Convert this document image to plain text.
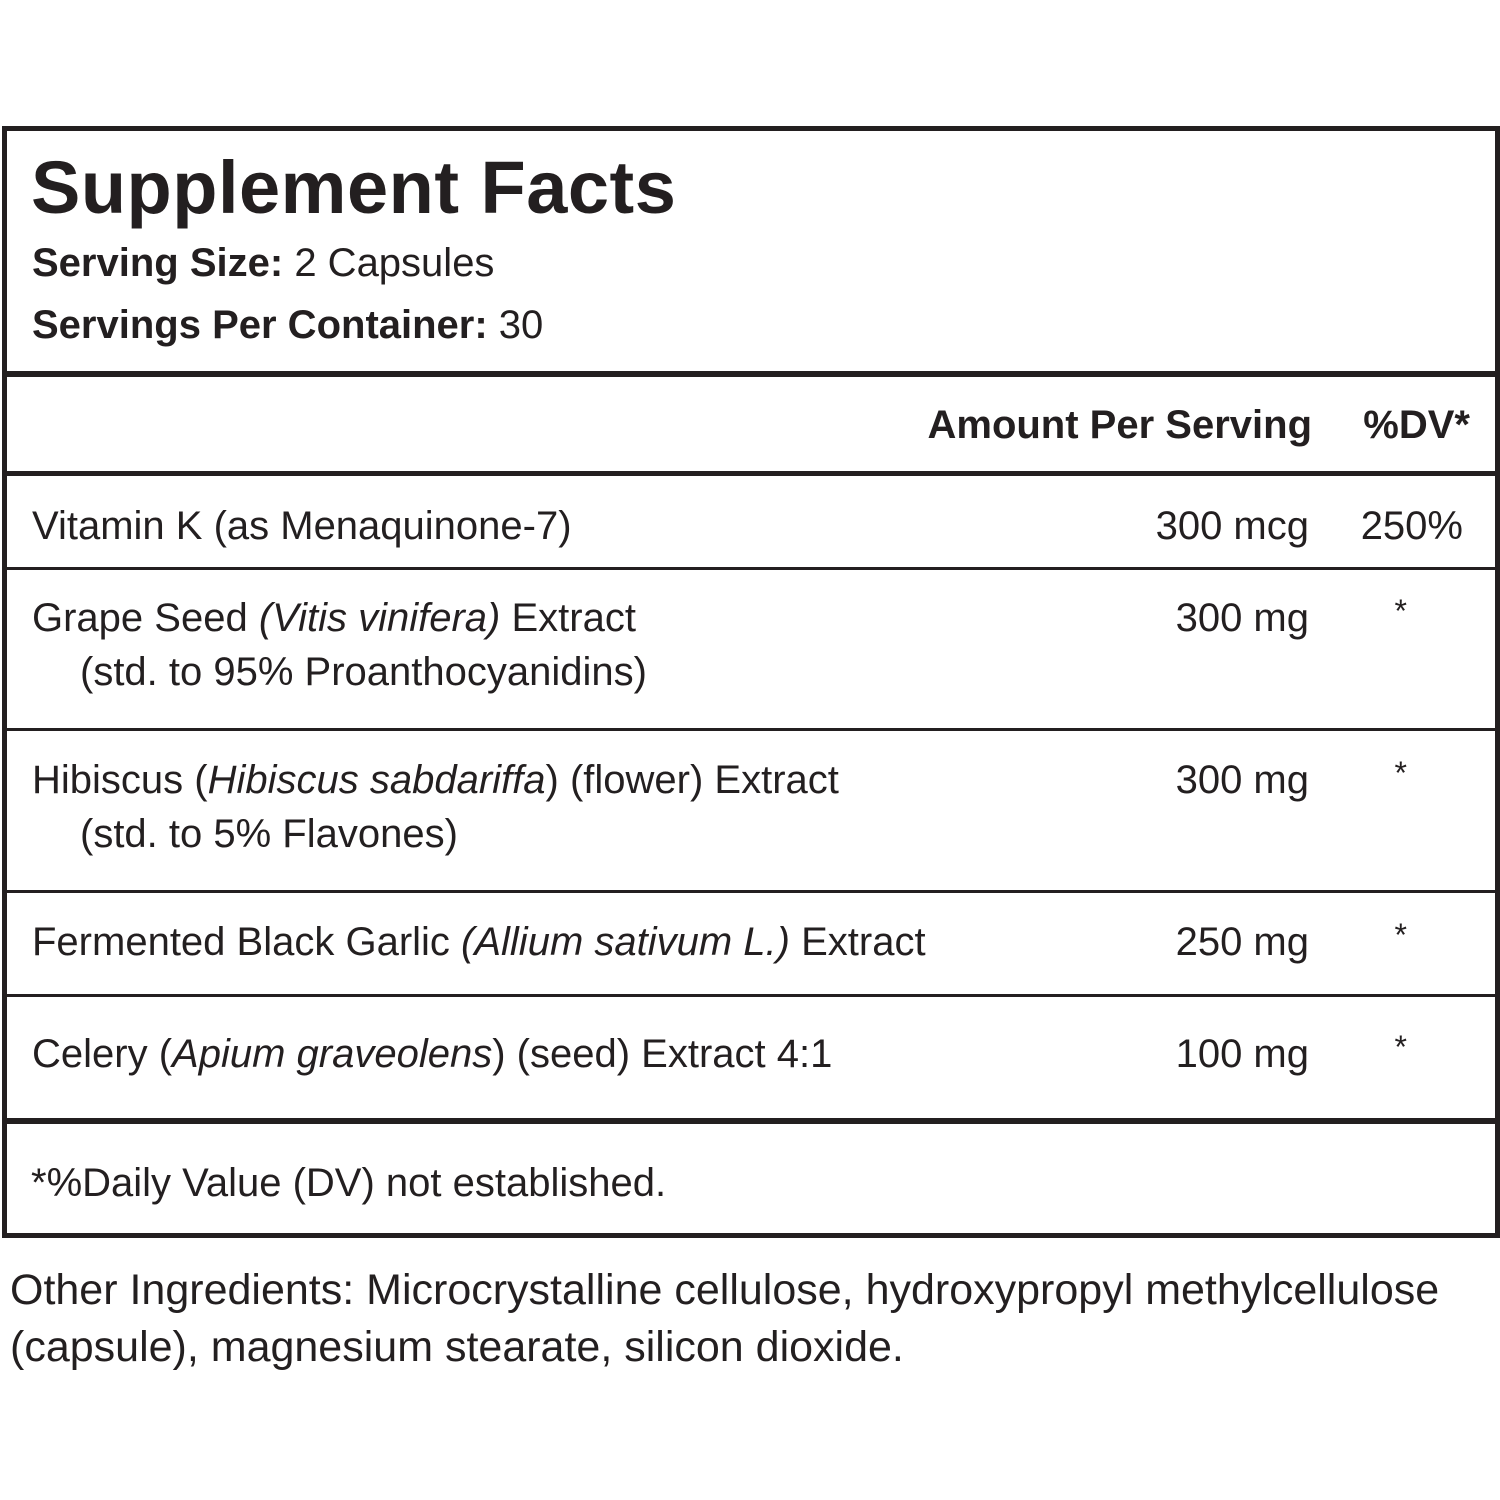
Supplement Facts
Serving Size: 2 Capsules
Servings Per Container: 30
Amount Per Serving %DV*
Vitamin K (as Menaquinone-7)	300 mcg 250%
Grape Seed (Vitis vinifera) Extract
(std. to 95% Proanthocyanidins)
300 mg	*
Hibiscus (Hibiscus sabdariffa) (flower) Extract
(std. to 5% Flavones)
300 mg	*
Fermented Black Garlic (Allium sativum L.) Extract	250 mg	*
Celery (Apium graveolens) (seed) Extract 4:1	100 mg	*
*%Daily Value (DV) not established.
Other Ingredients: Microcrystalline cellulose, hydroxypropyl methylcellulose (capsule), magnesium stearate, silicon dioxide.
